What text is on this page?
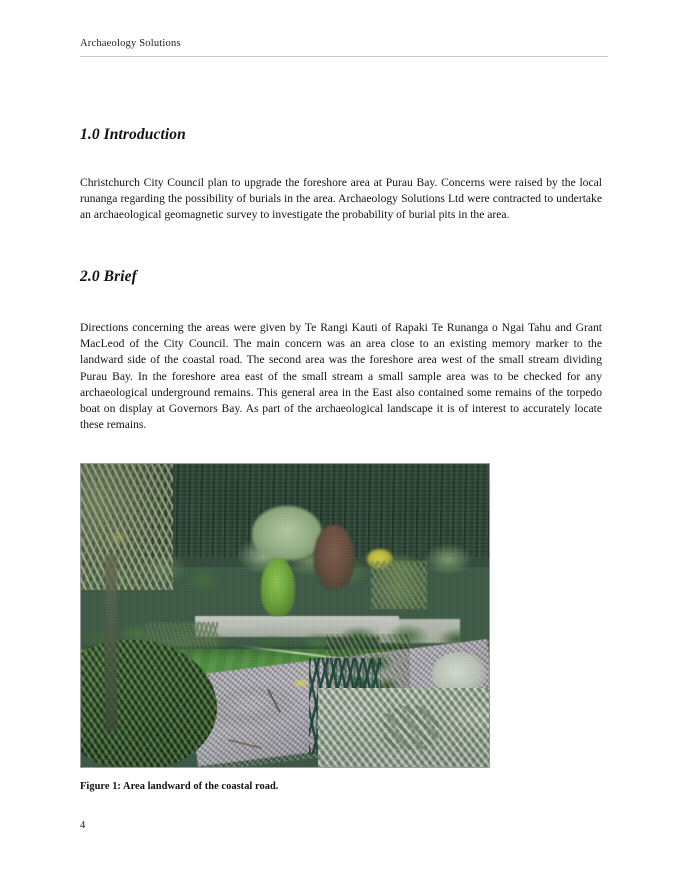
Archaeology Solutions
1.0 Introduction

Christchurch City Council plan to upgrade the foreshore area at Purau Bay. Concerns were raised by the local runanga regarding the possibility of burials in the area. Archaeology Solutions Ltd were contracted to undertake an archaeological geomagnetic survey to investigate the probability of burial pits in the area.

2.0 Brief

Directions concerning the areas were given by Te Rangi Kauti of Rapaki Te Runanga o Ngai Tahu and Grant MacLeod of the City Council. The main concern was an area close to an existing memory marker to the landward side of the coastal road. The second area was the foreshore area west of the small stream dividing Purau Bay. In the foreshore area east of the small stream a small sample area was to be checked for any archaeological underground remains. This general area in the East also contained some remains of the torpedo boat on display at Governors Bay. As part of the archaeological landscape it is of interest to accurately locate these remains.

Figure 1: Area landward of the coastal road.
4
